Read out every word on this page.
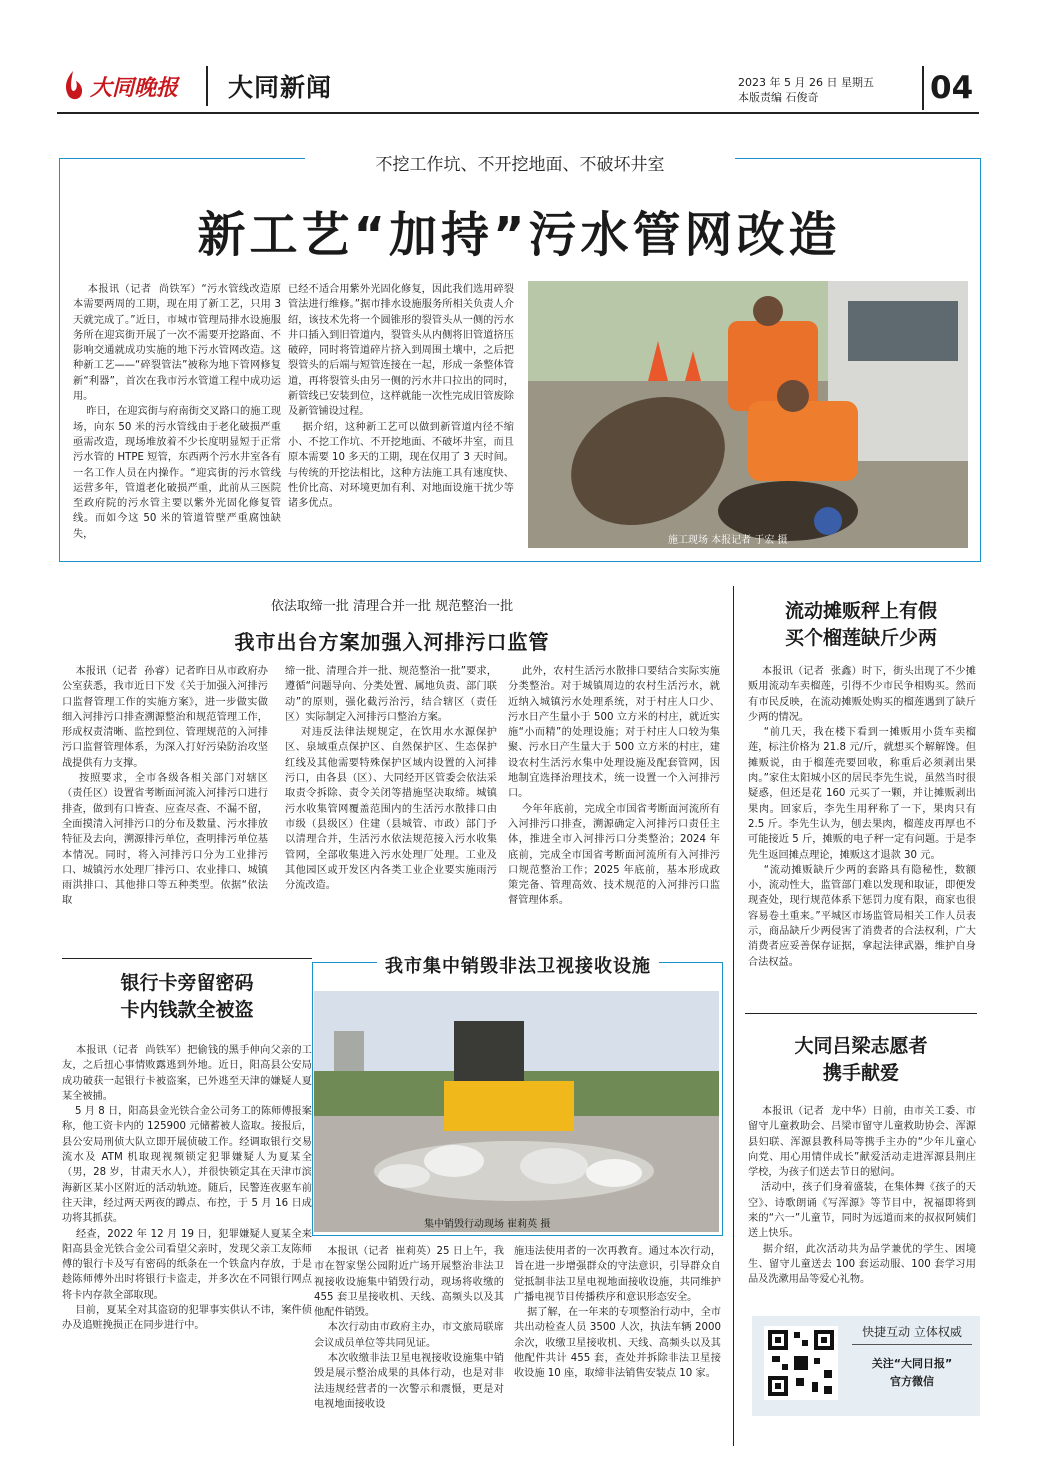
大同晚报 大同新闻	2023 年 5 月 26 日 星期五
本版责编 石俊奇	04
不挖工作坑、不开挖地面、不破坏井室
新工艺“加持”污水管网改造
本报讯（记者  尚铁军）“污水管线改造原本需要两周的工期，现在用了新工艺，只用 3 天就完成了。”近日，市城市管理局排水设施服务所在迎宾街开展了一次不需要开挖路面、不影响交通就成功实施的地下污水管网改造。这种新工艺——“碎裂管法”被称为地下管网修复新“利器”，首次在我市污水管道工程中成功运用。
昨日，在迎宾街与府南街交叉路口的施工现场，向东 50 米的污水管线由于老化破损严重亟需改造，现场堆放着不少长度明显短于正常污水管的 HTPE 短管，东西两个污水井室各有一名工作人员在内操作。“迎宾街的污水管线运营多年，管道老化破损严重，此前从三医院至政府院的污水管主要以紫外光固化修复管线。而如今这 50 米的管道管壁严重腐蚀缺失，
已经不适合用紫外光固化修复，因此我们选用碎裂管法进行维修。”据市排水设施服务所相关负责人介绍，该技术先将一个圆锥形的裂管头从一侧的污水井口插入到旧管道内，裂管头从内侧将旧管道挤压破碎，同时将管道碎片挤入到周围土壤中，之后把裂管头的后端与短管连接在一起，形成一条整体管道，再将裂管头由另一侧的污水井口拉出的同时，新管线已安装到位，这样就能一次性完成旧管废除及新管铺设过程。
据介绍，这种新工艺可以做到新管道内径不缩小、不挖工作坑、不开挖地面、不破坏井室，而且原本需要 10 多天的工期，现在仅用了 3 天时间。与传统的开挖法相比，这种方法施工具有速度快、性价比高、对环境更加有利、对地面设施干扰少等诸多优点。
施工现场 本报记者 于宏 摄
依法取缔一批 清理合并一批 规范整治一批
我市出台方案加强入河排污口监管
本报讯（记者  孙睿）记者昨日从市政府办公室获悉，我市近日下发《关于加强入河排污口监督管理工作的实施方案》，进一步做实做细入河排污口排查溯源整治和规范管理工作，形成权责清晰、监控到位、管理规范的入河排污口监督管理体系，为深入打好污染防治攻坚战提供有力支撑。
按照要求，全市各级各相关部门对辖区（责任区）设置省考断面河流入河排污口进行排查，做到有口皆查、应查尽查、不漏不留，全面摸清入河排污口的分布及数量、污水排放特征及去向，溯源排污单位，查明排污单位基本情况。同时，将入河排污口分为工业排污口、城镇污水处理厂排污口、农业排口、城镇雨洪排口、其他排口等五种类型。依据“依法取
缔一批、清理合并一批、规范整治一批”要求，遵循“问题导向、分类处置、属地负责、部门联动”的原则，强化截污治污，结合辖区（责任区）实际制定入河排污口整治方案。
对违反法律法规规定，在饮用水水源保护区、泉域重点保护区、自然保护区、生态保护红线及其他需要特殊保护区域内设置的入河排污口，由各县（区）、大同经开区管委会依法采取责令拆除、责令关闭等措施坚决取缔。城镇污水收集管网覆盖范围内的生活污水散排口由市级（县级区）住建（县城管、市政）部门予以清理合并，生活污水依法规范接入污水收集管网，全部收集进入污水处理厂处理。工业及其他园区或开发区内各类工业企业要实施雨污分流改造。
此外，农村生活污水散排口要结合实际实施分类整治。对于城镇周边的农村生活污水，就近纳入城镇污水处理系统，对于村庄人口少、污水日产生量小于 500 立方米的村庄，就近实施“小而精”的处理设施；对于村庄人口较为集聚、污水日产生量大于 500 立方米的村庄，建设农村生活污水集中处理设施及配套管网，因地制宜选择治理技术，统一设置一个入河排污口。
今年年底前，完成全市国省考断面河流所有入河排污口排查，溯源确定入河排污口责任主体，推进全市入河排污口分类整治；2024 年底前，完成全市国省考断面河流所有入河排污口规范整治工作；2025 年底前，基本形成政策完备、管理高效、技术规范的入河排污口监督管理体系。
流动摊贩秤上有假
买个榴莲缺斤少两
本报讯（记者  张鑫）时下，街头出现了不少摊贩用流动车卖榴莲，引得不少市民争相购买。然而有市民反映，在流动摊贩处购买的榴莲遇到了缺斤少两的情况。
“前几天，我在楼下看到一摊贩用小货车卖榴莲，标注价格为 21.8 元/斤，就想买个解解馋。但摊贩说，由于榴莲壳要回收，称重后必须剥出果肉。”家住太阳城小区的居民李先生说，虽然当时很疑惑，但还是花 160 元买了一颗，并让摊贩剥出果肉。回家后，李先生用秤称了一下，果肉只有 2.5 斤。李先生认为，刨去果肉，榴莲皮再厚也不可能接近 5 斤，摊贩的电子秤一定有问题。于是李先生返回摊点理论，摊贩这才退款 30 元。
“流动摊贩缺斤少两的套路具有隐秘性，数额小，流动性大，监管部门难以发现和取证，即便发现查处，现行规范体系下惩罚力度有限，商家也很容易卷土重来。”平城区市场监管局相关工作人员表示，商品缺斤少两侵害了消费者的合法权利，广大消费者应妥善保存证据，拿起法律武器，维护自身合法权益。
银行卡旁留密码
卡内钱款全被盗
本报讯（记者  尚铁军）把偷钱的黑手伸向父亲的工友，之后扭心事情败露逃到外地。近日，阳高县公安局成功破获一起银行卡被盗案，已外逃至天津的嫌疑人夏某全被捕。
5 月 8 日，阳高县金光铁合金公司务工的陈师傅报案称，他工资卡内的 125900 元储蓄被人盗取。接报后，县公安局刑侦大队立即开展侦破工作。经调取银行交易流水及 ATM 机取现视频锁定犯罪嫌疑人为夏某全（男，28 岁，甘肃天水人），并很快锁定其在天津市滨海新区某小区附近的活动轨迹。随后，民警连夜驱车前往天津，经过两天两夜的蹲点、布控，于 5 月 16 日成功将其抓获。
经查，2022 年 12 月 19 日，犯罪嫌疑人夏某全来阳高县金光铁合金公司看望父亲时，发现父亲工友陈师傅的银行卡及写有密码的纸条在一个铁盒内存放，于是趁陈师傅外出时将银行卡盗走，并多次在不同银行网点将卡内存款全部取现。
目前，夏某全对其盗窃的犯罪事实供认不讳，案件侦办及追赃挽损正在同步进行中。
我市集中销毁非法卫视接收设施
集中销毁行动现场 崔莉英 摄
本报讯（记者  崔莉英）25 日上午，我市在智家堡公园附近广场开展整治非法卫视接收设施集中销毁行动，现场将收缴的 455 套卫星接收机、天线、高频头以及其他配件销毁。
本次行动由市政府主办，市文旅局联席会议成员单位等共同见证。
本次收缴非法卫星电视接收设施集中销毁是展示整治成果的具体行动，也是对非法违规经营者的一次警示和震慑，更是对电视地面接收设
施违法使用者的一次再教育。通过本次行动，旨在进一步增强群众的守法意识，引导群众自觉抵制非法卫星电视地面接收设施，共同维护广播电视节目传播秩序和意识形态安全。
据了解，在一年来的专项整治行动中，全市共出动检查人员 3500 人次，执法车辆 2000 余次，收缴卫星接收机、天线、高频头以及其他配件共计 455 套，查处并拆除非法卫星接收设施 10 座，取缔非法销售安装点 10 家。
大同吕梁志愿者
携手献爱
本报讯（记者  龙中华）日前，由市关工委、市留守儿童救助会、吕梁市留守儿童救助协会、浑源县妇联、浑源县教科局等携手主办的“少年儿童心向党、用心用情伴成长”献爱活动走进浑源县荆庄学校，为孩子们送去节日的慰问。
活动中，孩子们身着盛装，在集体舞《孩子的天空》、诗歌朗诵《写浑源》等节目中，祝福即将到来的“六一”儿童节，同时为远道而来的叔叔阿姨们送上快乐。
据介绍，此次活动共为品学兼优的学生、困境生、留守儿童送去 100 套运动服、100 套学习用品及洗漱用品等爱心礼物。
快捷互动 立体权威
关注“大同日报”
官方微信
